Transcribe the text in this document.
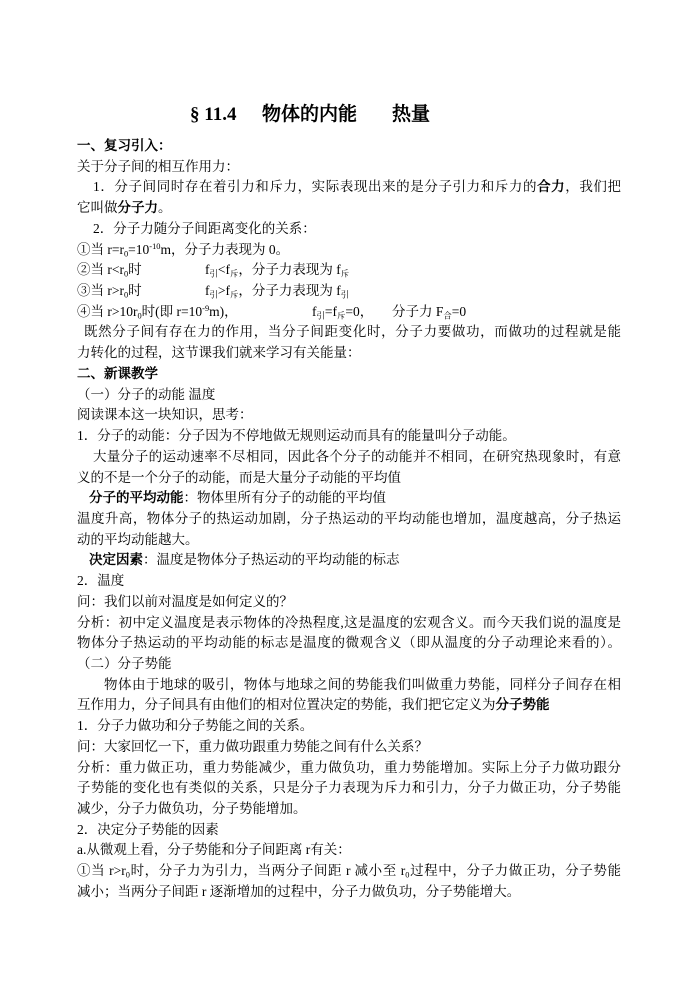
§ 11.4 物体的内能 热量
一、复习引入：
关于分子间的相互作用力：
1．分子间同时存在着引力和斥力，实际表现出来的是分子引力和斥力的合力，我们把
它叫做分子力。
2．分子力随分子间距离变化的关系：
①当 $r=r_0=10^{-10}m$，分子力表现为 0。
②当 $r<r_0$时	$f_引<f_斥$，分子力表现为 $f_斥$
③当 $r>r_0$时	$f_引>f_斥$，分子力表现为 $f_引$
④当 $r>10r_0$时(即 $r=10^{-9}m$)，	$f_引=f_斥=0$， 分子力 $F_合=0$
既然分子间有存在力的作用，当分子间距变化时，分子力要做功，而做功的过程就是能
力转化的过程，这节课我们就来学习有关能量：
二、新课教学
（一）分子的动能 温度
阅读课本这一块知识，思考：
1．分子的动能：分子因为不停地做无规则运动而具有的能量叫分子动能。
大量分子的运动速率不尽相同，因此各个分子的动能并不相同，在研究热现象时，有意
义的不是一个分子的动能，而是大量分子动能的平均值
分子的平均动能：物体里所有分子的动能的平均值
温度升高，物体分子的热运动加剧，分子热运动的平均动能也增加，温度越高，分子热运
动的平均动能越大。
决定因素：温度是物体分子热运动的平均动能的标志
2．温度
问：我们以前对温度是如何定义的？
分析：初中定义温度是表示物体的冷热程度,这是温度的宏观含义。而今天我们说的温度是
物体分子热运动的平均动能的标志是温度的微观含义（即从温度的分子动理论来看的）。
（二）分子势能
物体由于地球的吸引，物体与地球之间的势能我们叫做重力势能，同样分子间存在相
互作用力，分子间具有由他们的相对位置决定的势能，我们把它定义为分子势能
1．分子力做功和分子势能之间的关系。
问：大家回忆一下，重力做功跟重力势能之间有什么关系？
分析：重力做正功，重力势能减少，重力做负功，重力势能增加。实际上分子力做功跟分
子势能的变化也有类似的关系，只是分子力表现为斥力和引力，分子力做正功，分子势能
减少，分子力做负功，分子势能增加。
2．决定分子势能的因素
a.从微观上看，分子势能和分子间距离 r有关：
①当 $r>r_0$时，分子力为引力，当两分子间距 r 减小至 $r_0$过程中，分子力做正功，分子势能
减小；当两分子间距 r 逐渐增加的过程中，分子力做负功，分子势能增大。
